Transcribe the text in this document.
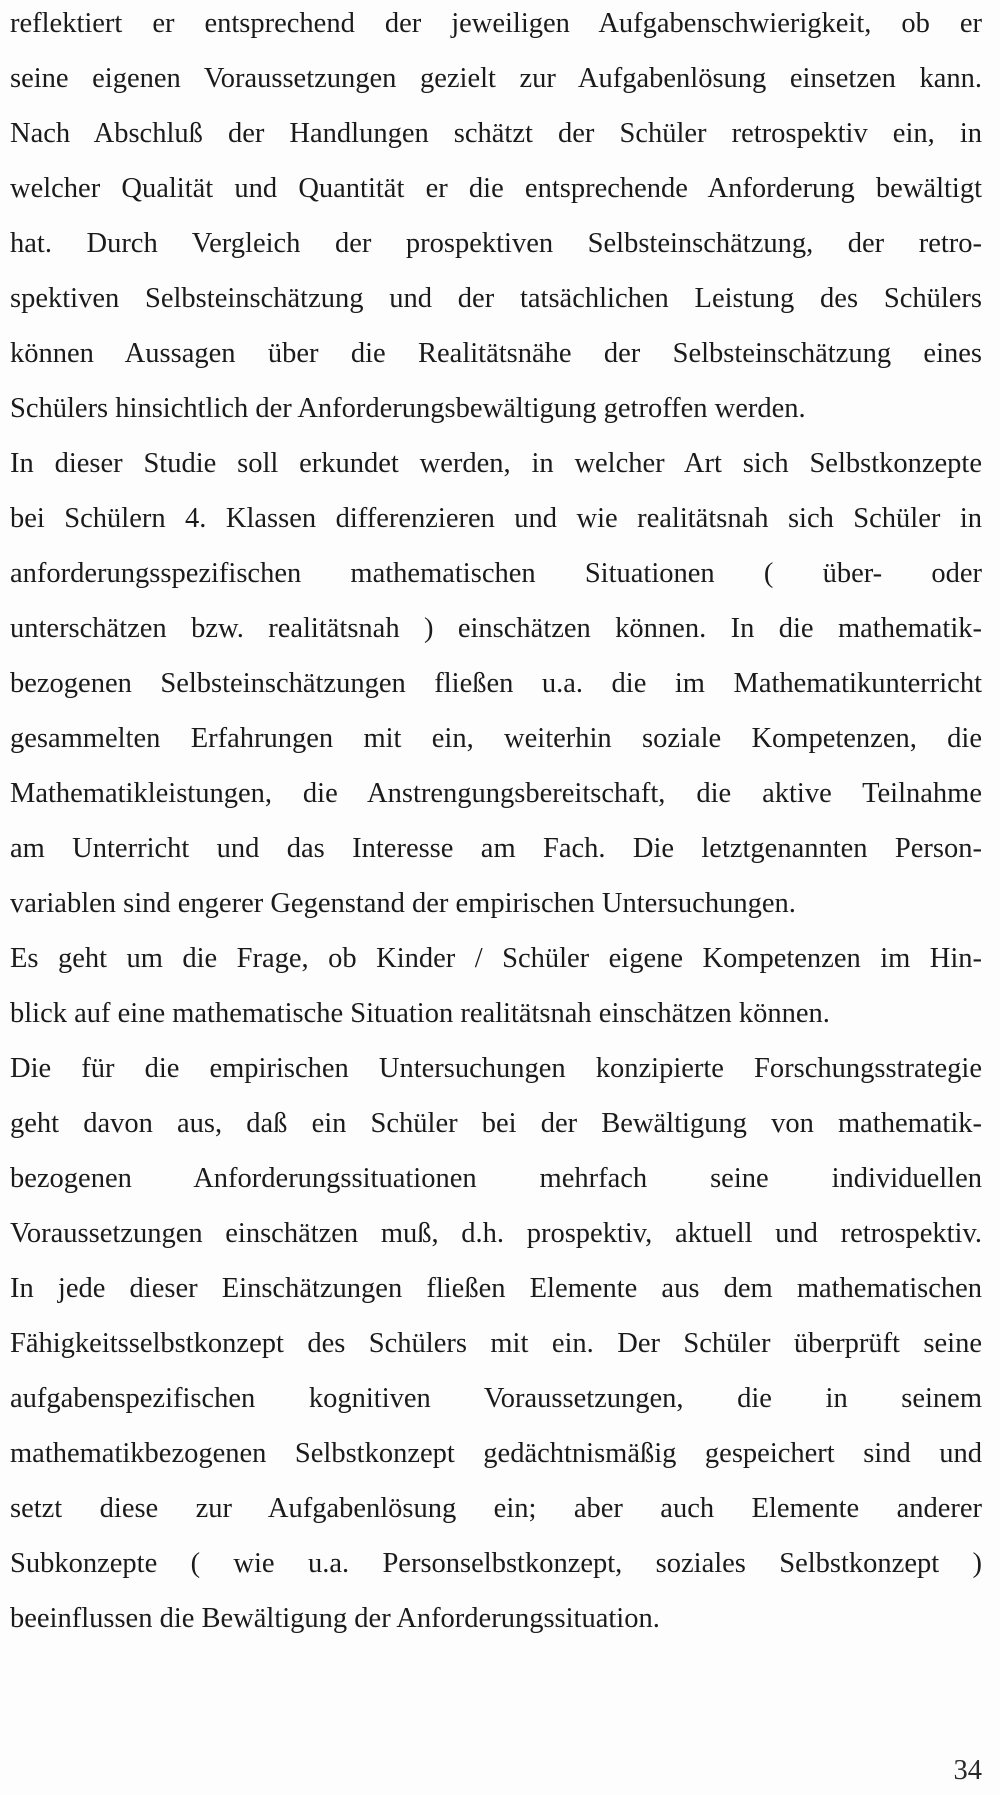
reflektiert er entsprechend der jeweiligen Aufgabenschwierigkeit, ob er
seine eigenen Voraussetzungen gezielt zur Aufgabenlösung einsetzen kann.
Nach Abschluß der Handlungen schätzt der Schüler retrospektiv ein, in
welcher Qualität und Quantität er die entsprechende Anforderung bewältigt
hat. Durch Vergleich der prospektiven Selbsteinschätzung, der retro-
spektiven Selbsteinschätzung und der tatsächlichen Leistung des Schülers
können Aussagen über die Realitätsnähe der Selbsteinschätzung eines
Schülers hinsichtlich der Anforderungsbewältigung getroffen werden.
In dieser Studie soll erkundet werden, in welcher Art sich Selbstkonzepte
bei Schülern 4. Klassen differenzieren und wie realitätsnah sich Schüler in
anforderungsspezifischen mathematischen Situationen ( über- oder
unterschätzen bzw. realitätsnah ) einschätzen können. In die mathematik-
bezogenen Selbsteinschätzungen fließen u.a. die im Mathematikunterricht
gesammelten Erfahrungen mit ein, weiterhin soziale Kompetenzen, die
Mathematikleistungen, die Anstrengungsbereitschaft, die aktive Teilnahme
am Unterricht und das Interesse am Fach. Die letztgenannten Person-
variablen sind engerer Gegenstand der empirischen Untersuchungen.
Es geht um die Frage, ob Kinder / Schüler eigene Kompetenzen im Hin-
blick auf eine mathematische Situation realitätsnah einschätzen können.
Die für die empirischen Untersuchungen konzipierte Forschungsstrategie
geht davon aus, daß ein Schüler bei der Bewältigung von mathematik-
bezogenen Anforderungssituationen mehrfach seine individuellen
Voraussetzungen einschätzen muß, d.h. prospektiv, aktuell und retrospektiv.
In jede dieser Einschätzungen fließen Elemente aus dem mathematischen
Fähigkeitsselbstkonzept des Schülers mit ein. Der Schüler überprüft seine
aufgabenspezifischen kognitiven Voraussetzungen, die in seinem
mathematikbezogenen Selbstkonzept gedächtnismäßig gespeichert sind und
setzt diese zur Aufgabenlösung ein; aber auch Elemente anderer
Subkonzepte ( wie u.a. Personselbstkonzept, soziales Selbstkonzept )
beeinflussen die Bewältigung der Anforderungssituation.
34
